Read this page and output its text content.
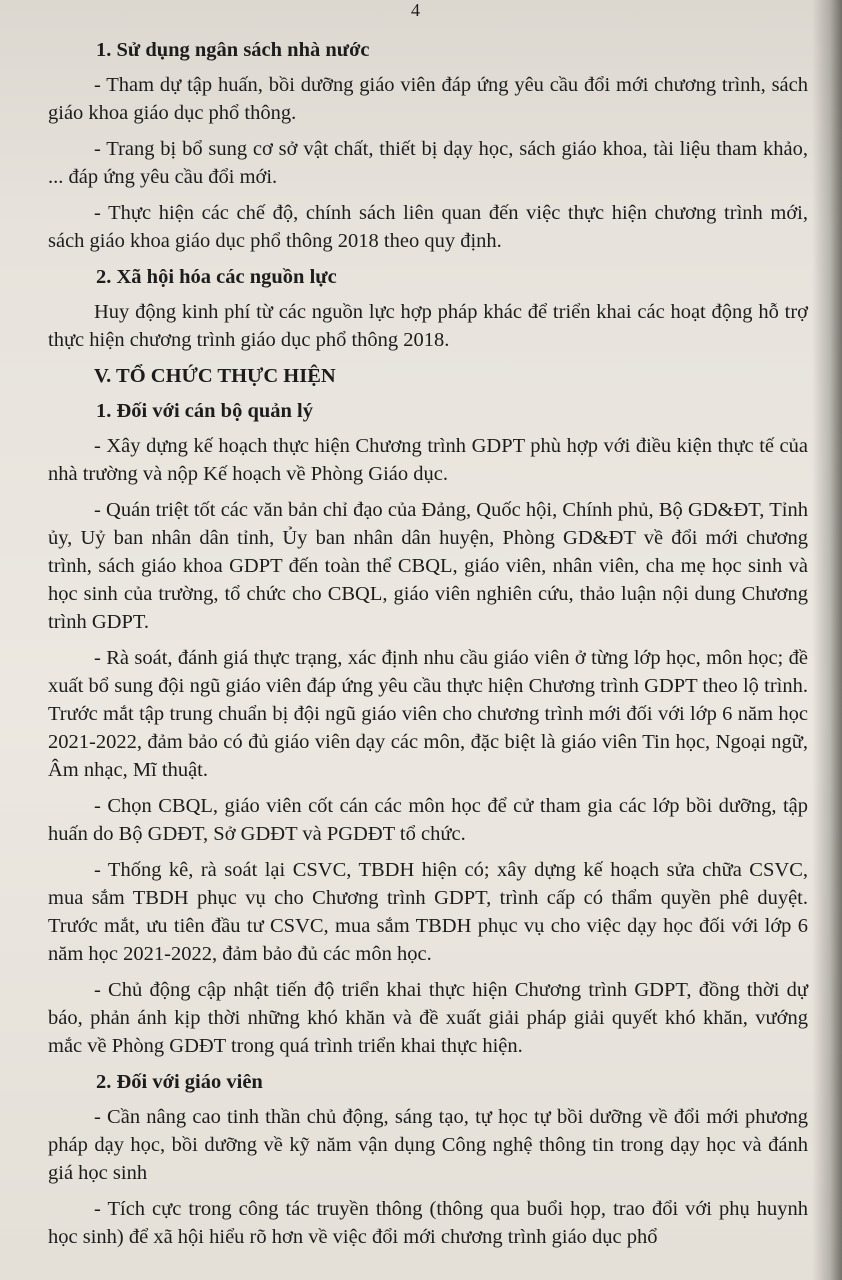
4
1. Sử dụng ngân sách nhà nước

- Tham dự tập huấn, bồi dưỡng giáo viên đáp ứng yêu cầu đổi mới chương trình, sách giáo khoa giáo dục phổ thông.

- Trang bị bổ sung cơ sở vật chất, thiết bị dạy học, sách giáo khoa, tài liệu tham khảo, ... đáp ứng yêu cầu đổi mới.

- Thực hiện các chế độ, chính sách liên quan đến việc thực hiện chương trình mới, sách giáo khoa giáo dục phổ thông 2018 theo quy định.

2. Xã hội hóa các nguồn lực

Huy động kinh phí từ các nguồn lực hợp pháp khác để triển khai các hoạt động hỗ trợ thực hiện chương trình giáo dục phổ thông 2018.

V. TỔ CHỨC THỰC HIỆN
1. Đối với cán bộ quản lý

- Xây dựng kế hoạch thực hiện Chương trình GDPT phù hợp với điều kiện thực tế của nhà trường và nộp Kế hoạch về Phòng Giáo dục.

- Quán triệt tốt các văn bản chỉ đạo của Đảng, Quốc hội, Chính phủ, Bộ GD&ĐT, Tỉnh ủy, Uỷ ban nhân dân tỉnh, Ủy ban nhân dân huyện, Phòng GD&ĐT về đổi mới chương trình, sách giáo khoa GDPT đến toàn thể CBQL, giáo viên, nhân viên, cha mẹ học sinh và học sinh của trường, tổ chức cho CBQL, giáo viên nghiên cứu, thảo luận nội dung Chương trình GDPT.

- Rà soát, đánh giá thực trạng, xác định nhu cầu giáo viên ở từng lớp học, môn học; đề xuất bổ sung đội ngũ giáo viên đáp ứng yêu cầu thực hiện Chương trình GDPT theo lộ trình. Trước mắt tập trung chuẩn bị đội ngũ giáo viên cho chương trình mới đối với lớp 6 năm học 2021-2022, đảm bảo có đủ giáo viên dạy các môn, đặc biệt là giáo viên Tin học, Ngoại ngữ, Âm nhạc, Mĩ thuật.

- Chọn CBQL, giáo viên cốt cán các môn học để cử tham gia các lớp bồi dưỡng, tập huấn do Bộ GDĐT, Sở GDĐT và PGDĐT tổ chức.

- Thống kê, rà soát lại CSVC, TBDH hiện có; xây dựng kế hoạch sửa chữa CSVC, mua sắm TBDH phục vụ cho Chương trình GDPT, trình cấp có thẩm quyền phê duyệt. Trước mắt, ưu tiên đầu tư CSVC, mua sắm TBDH phục vụ cho việc dạy học đối với lớp 6 năm học 2021-2022, đảm bảo đủ các môn học.

- Chủ động cập nhật tiến độ triển khai thực hiện Chương trình GDPT, đồng thời dự báo, phản ánh kịp thời những khó khăn và đề xuất giải pháp giải quyết khó khăn, vướng mắc về Phòng GDĐT trong quá trình triển khai thực hiện.

2. Đối với giáo viên

- Cần nâng cao tinh thần chủ động, sáng tạo, tự học tự bồi dưỡng về đổi mới phương pháp dạy học, bồi dưỡng về kỹ năm vận dụng Công nghệ thông tin trong dạy học và đánh giá học sinh

- Tích cực trong công tác truyền thông (thông qua buổi họp, trao đổi với phụ huynh học sinh) để xã hội hiểu rõ hơn về việc đổi mới chương trình giáo dục phổ
